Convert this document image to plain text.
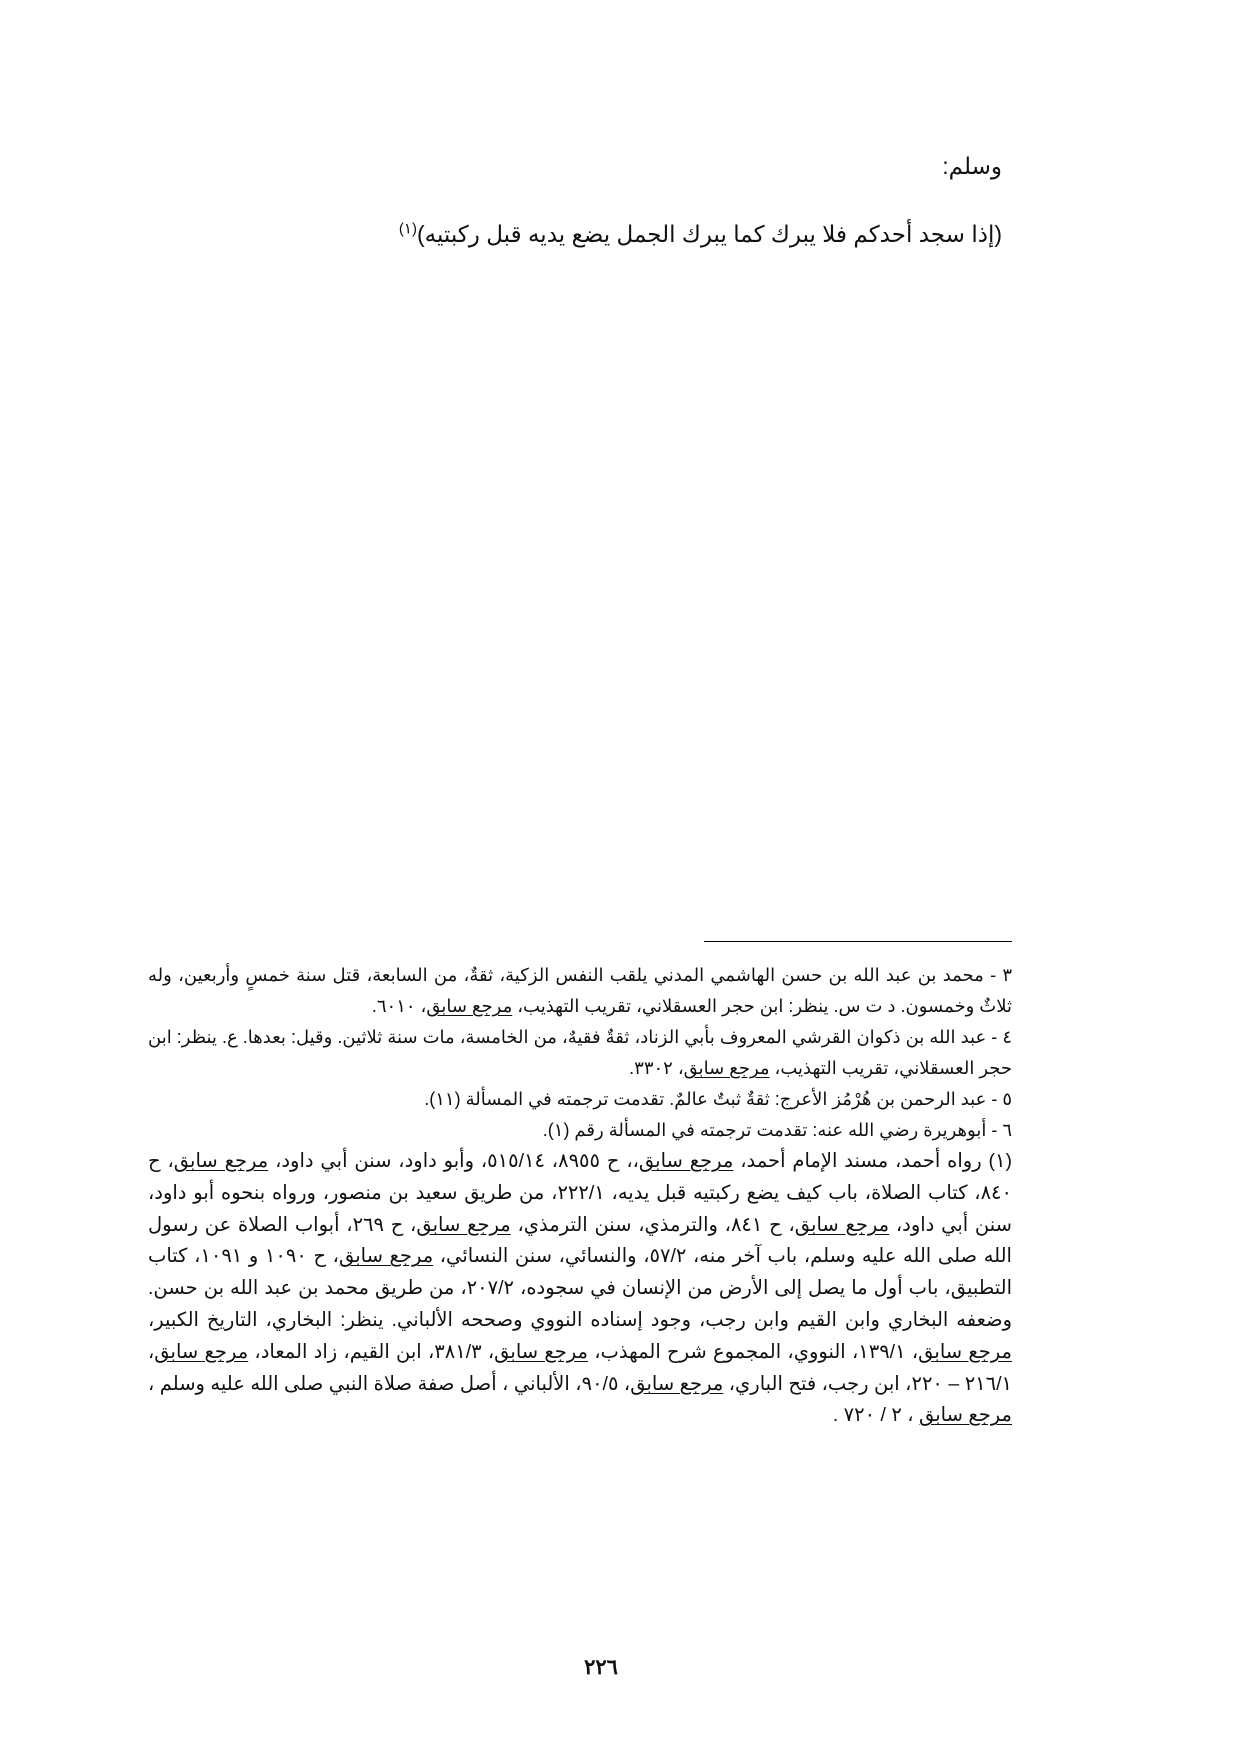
وسلم:
(إذا سجد أحدكم فلا يبرك كما يبرك الجمل يضع يديه قبل ركبتيه)$^{(١)}$

٣ - محمد بن عبد الله بن حسن الهاشمي المدني يلقب النفس الزكية، ثقةٌ، من السابعة، قتل سنة خمسٍ وأربعين، وله ثلاثٌ وخمسون. د ت س. ينظر: ابن حجر العسقلاني، تقريب التهذيب، مرجع سابق، ٦٠١٠.

٤ - عبد الله بن ذكوان القرشي المعروف بأبي الزناد، ثقةٌ فقيهٌ، من الخامسة، مات سنة ثلاثين. وقيل: بعدها. ع. ينظر: ابن حجر العسقلاني، تقريب التهذيب، مرجع سابق، ٣٣٠٢.

٥ - عبد الرحمن بن هُرْمُز الأعرج: ثقةٌ ثبتٌ عالمٌ. تقدمت ترجمته في المسألة (١١).

٦ - أبوهريرة رضي الله عنه: تقدمت ترجمته في المسألة رقم (١).

(١) رواه أحمد، مسند الإمام أحمد، مرجع سابق،، ح ٨٩٥٥، ٥١٥/١٤، وأبو داود، سنن أبي داود، مرجع سابق، ح ٨٤٠، كتاب الصلاة، باب كيف يضع ركبتيه قبل يديه، ٢٢٢/١، من طريق سعيد بن منصور، ورواه بنحوه أبو داود، سنن أبي داود، مرجع سابق، ح ٨٤١، والترمذي، سنن الترمذي، مرجع سابق، ح ٢٦٩، أبواب الصلاة عن رسول الله صلى الله عليه وسلم، باب آخر منه، ٥٧/٢، والنسائي، سنن النسائي، مرجع سابق، ح ١٠٩٠ و ١٠٩١، كتاب التطبيق، باب أول ما يصل إلى الأرض من الإنسان في سجوده، ٢٠٧/٢، من طريق محمد بن عبد الله بن حسن. وضعفه البخاري وابن القيم وابن رجب، وجود إسناده النووي وصححه الألباني. ينظر: البخاري، التاريخ الكبير، مرجع سابق، ١٣٩/١، النووي، المجموع شرح المهذب، مرجع سابق، ٣٨١/٣، ابن القيم، زاد المعاد، مرجع سابق، ٢١٦/١ – ٢٢٠، ابن رجب، فتح الباري، مرجع سابق، ٩٠/٥، الألباني ، أصل صفة صلاة النبي صلى الله عليه وسلم ، مرجع سابق ، ٢ / ٧٢٠ .

٢٢٦
